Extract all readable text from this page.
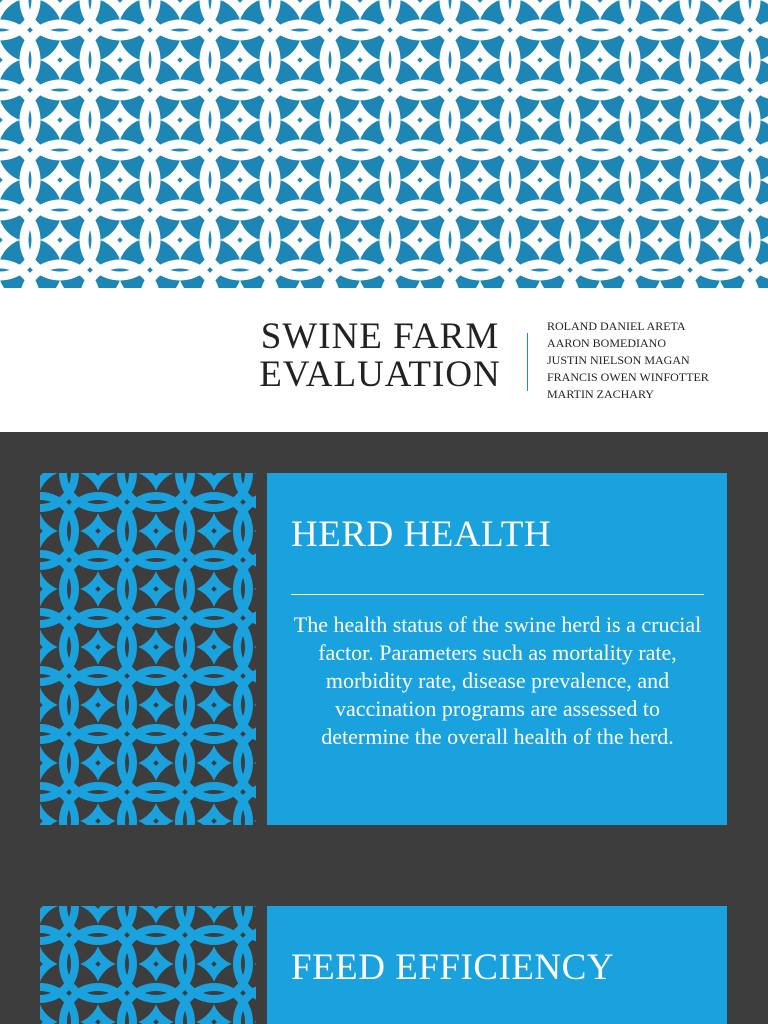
SWINE FARM
EVALUATION
ROLAND DANIEL ARETA
AARON BOMEDIANO
JUSTIN NIELSON MAGAN
FRANCIS OWEN WINFOTTER
MARTIN ZACHARY
HERD HEALTH

The health status of the swine herd is a crucial factor. Parameters such as mortality rate, morbidity rate, disease prevalence, and vaccination programs are assessed to determine the overall health of the herd.

FEED EFFICIENCY
